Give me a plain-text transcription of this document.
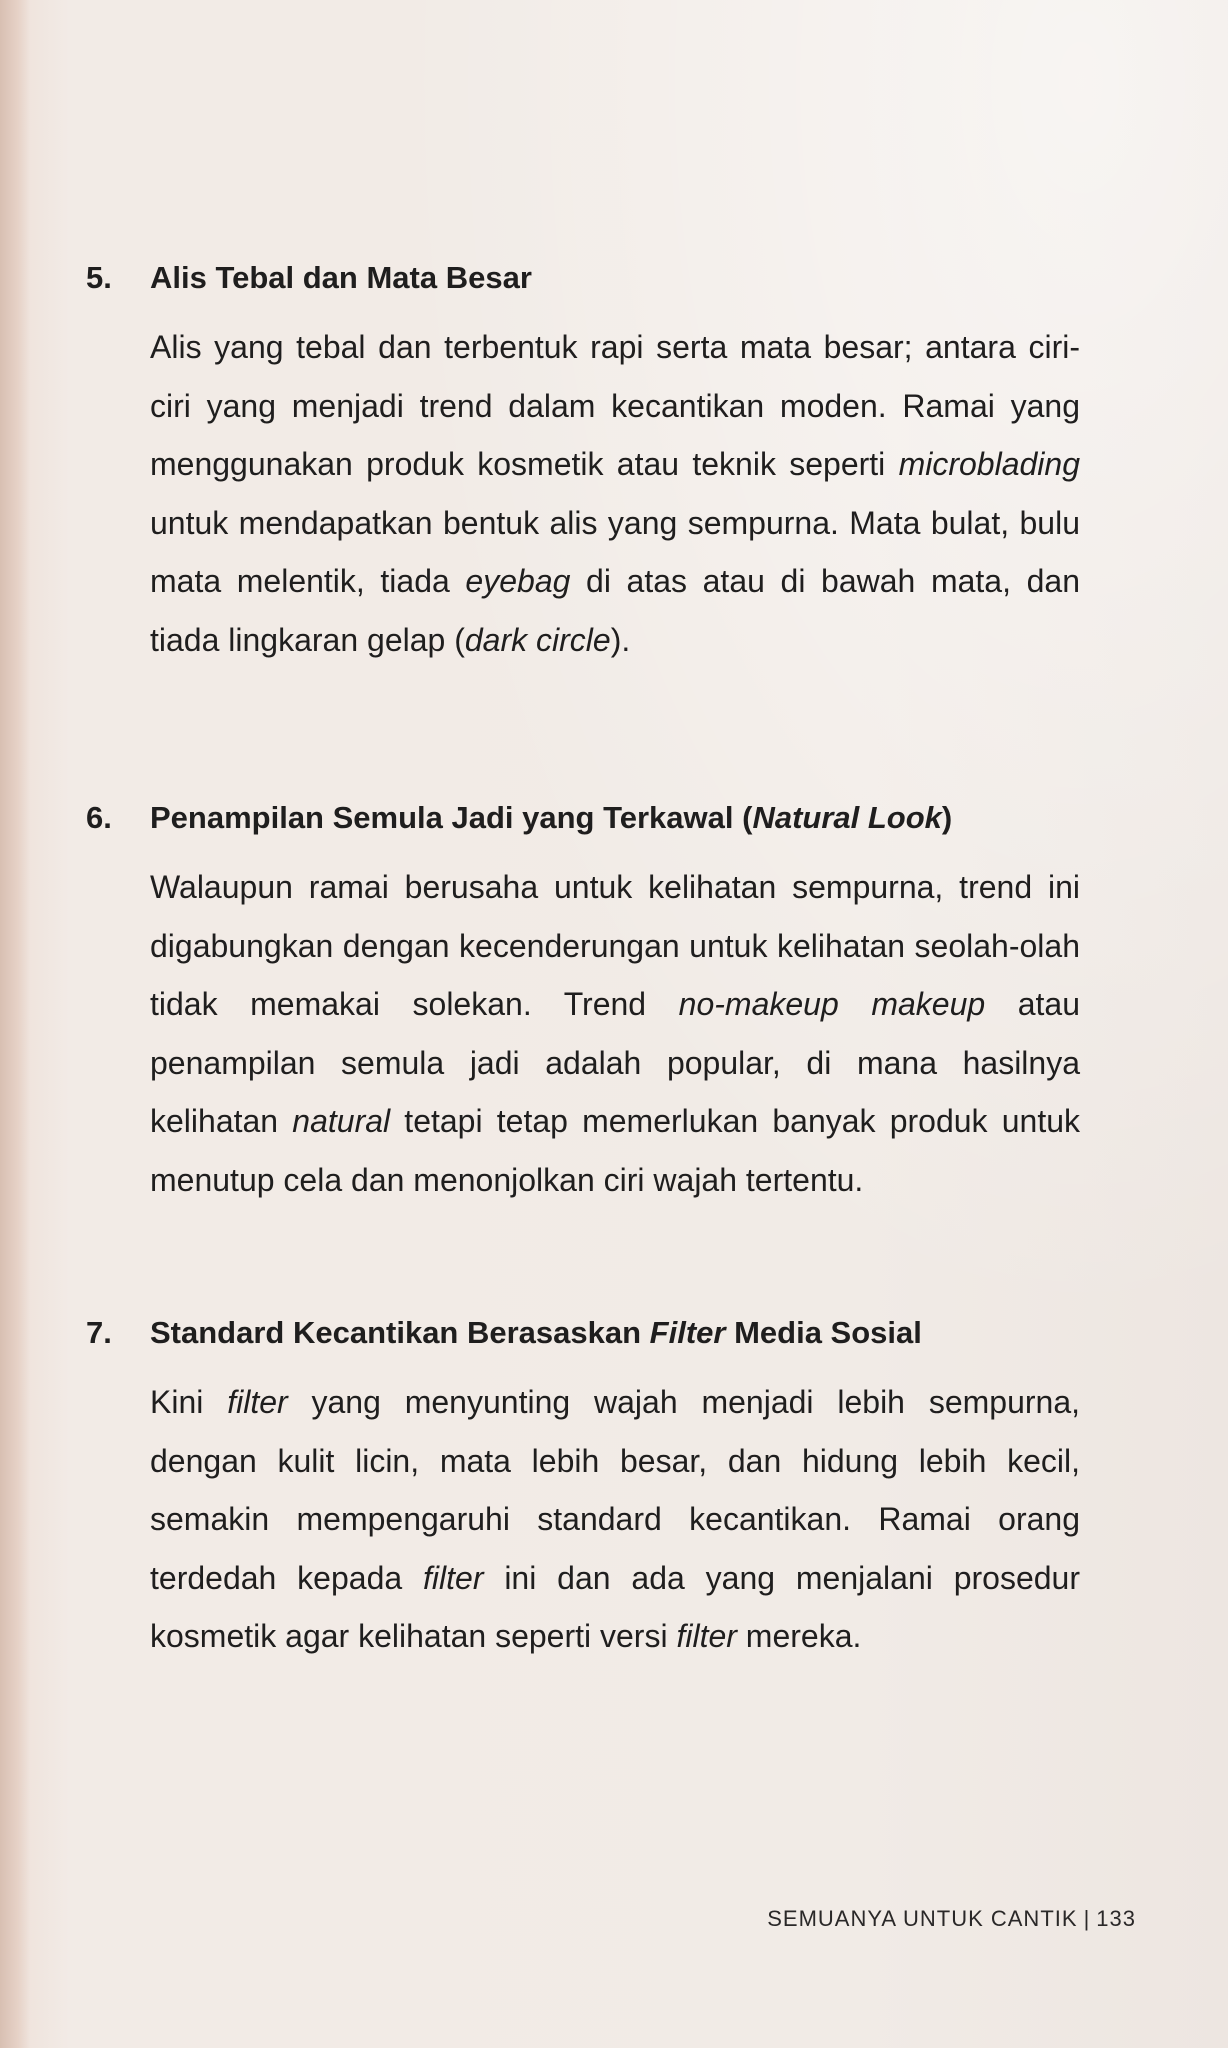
5. Alis Tebal dan Mata Besar
Alis yang tebal dan terbentuk rapi serta mata besar; antara ciri-ciri yang menjadi trend dalam kecantikan moden. Ramai yang menggunakan produk kosmetik atau teknik seperti microblading untuk mendapatkan bentuk alis yang sempurna. Mata bulat, bulu mata melentik, tiada eyebag di atas atau di bawah mata, dan tiada lingkaran gelap (dark circle).
6. Penampilan Semula Jadi yang Terkawal (Natural Look)
Walaupun ramai berusaha untuk kelihatan sempurna, trend ini digabungkan dengan kecenderungan untuk kelihatan seolah-olah tidak memakai solekan. Trend no-makeup makeup atau penampilan semula jadi adalah popular, di mana hasilnya kelihatan natural tetapi tetap memerlukan banyak produk untuk menutup cela dan menonjolkan ciri wajah tertentu.
7. Standard Kecantikan Berasaskan Filter Media Sosial
Kini filter yang menyunting wajah menjadi lebih sempurna, dengan kulit licin, mata lebih besar, dan hidung lebih kecil, semakin mempengaruhi standard kecantikan. Ramai orang terdedah kepada filter ini dan ada yang menjalani prosedur kosmetik agar kelihatan seperti versi filter mereka.
SEMUANYA UNTUK CANTIK | 133
